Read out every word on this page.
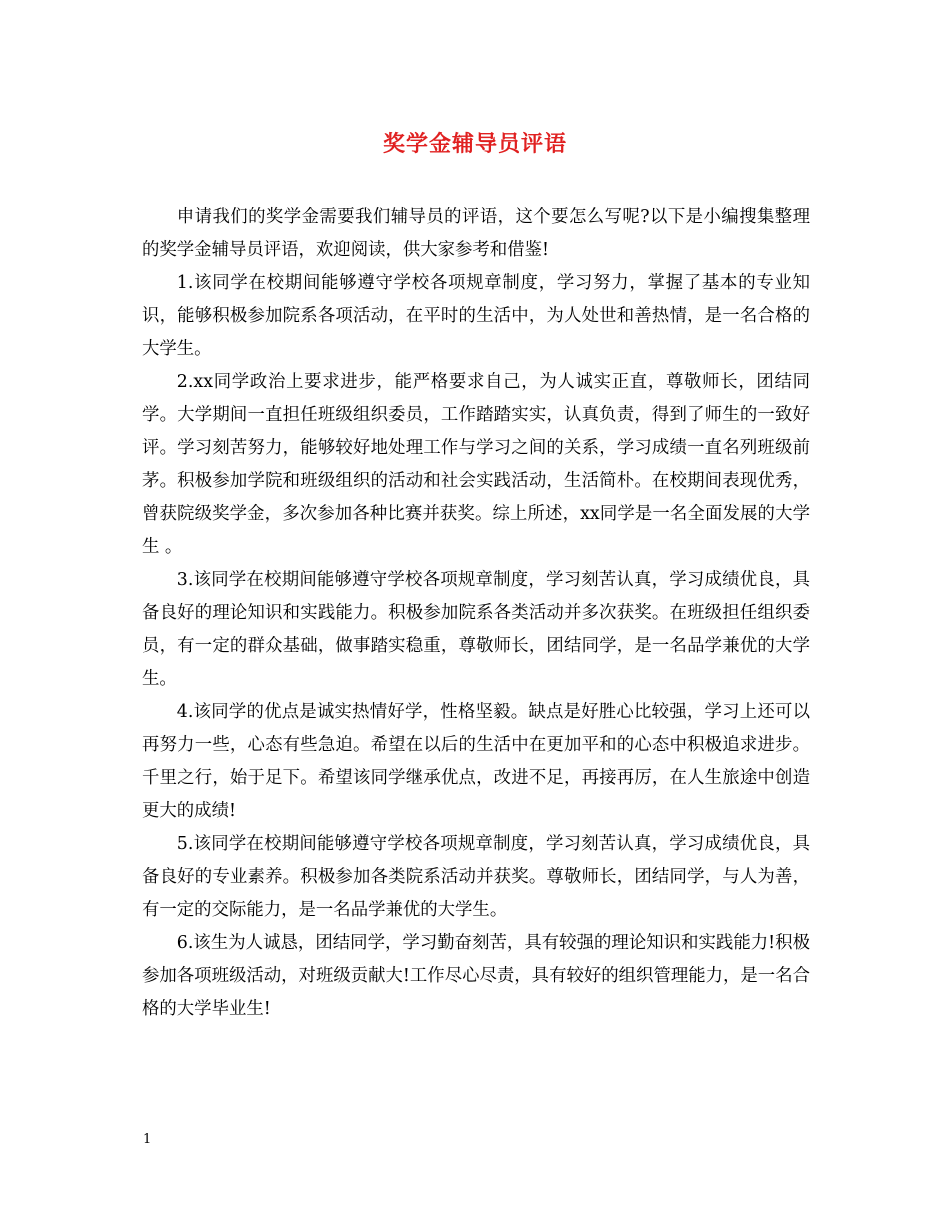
奖学金辅导员评语

申请我们的奖学金需要我们辅导员的评语，这个要怎么写呢?以下是小编搜集整理的奖学金辅导员评语，欢迎阅读，供大家参考和借鉴!

1.该同学在校期间能够遵守学校各项规章制度，学习努力，掌握了基本的专业知识，能够积极参加院系各项活动，在平时的生活中，为人处世和善热情，是一名合格的大学生。

2.xx同学政治上要求进步，能严格要求自己，为人诚实正直，尊敬师长，团结同学。大学期间一直担任班级组织委员，工作踏踏实实，认真负责，得到了师生的一致好评。学习刻苦努力，能够较好地处理工作与学习之间的关系，学习成绩一直名列班级前茅。积极参加学院和班级组织的活动和社会实践活动，生活简朴。在校期间表现优秀，曾获院级奖学金，多次参加各种比赛并获奖。综上所述，xx同学是一名全面发展的大学生 。

3.该同学在校期间能够遵守学校各项规章制度，学习刻苦认真，学习成绩优良，具备良好的理论知识和实践能力。积极参加院系各类活动并多次获奖。在班级担任组织委员，有一定的群众基础，做事踏实稳重，尊敬师长，团结同学，是一名品学兼优的大学生。

4.该同学的优点是诚实热情好学，性格坚毅。缺点是好胜心比较强，学习上还可以再努力一些，心态有些急迫。希望在以后的生活中在更加平和的心态中积极追求进步。千里之行，始于足下。希望该同学继承优点，改进不足，再接再厉，在人生旅途中创造更大的成绩!

5.该同学在校期间能够遵守学校各项规章制度，学习刻苦认真，学习成绩优良，具备良好的专业素养。积极参加各类院系活动并获奖。尊敬师长，团结同学，与人为善，有一定的交际能力，是一名品学兼优的大学生。

6.该生为人诚恳，团结同学，学习勤奋刻苦，具有较强的理论知识和实践能力!积极参加各项班级活动，对班级贡献大!工作尽心尽责，具有较好的组织管理能力，是一名合格的大学毕业生!

1
